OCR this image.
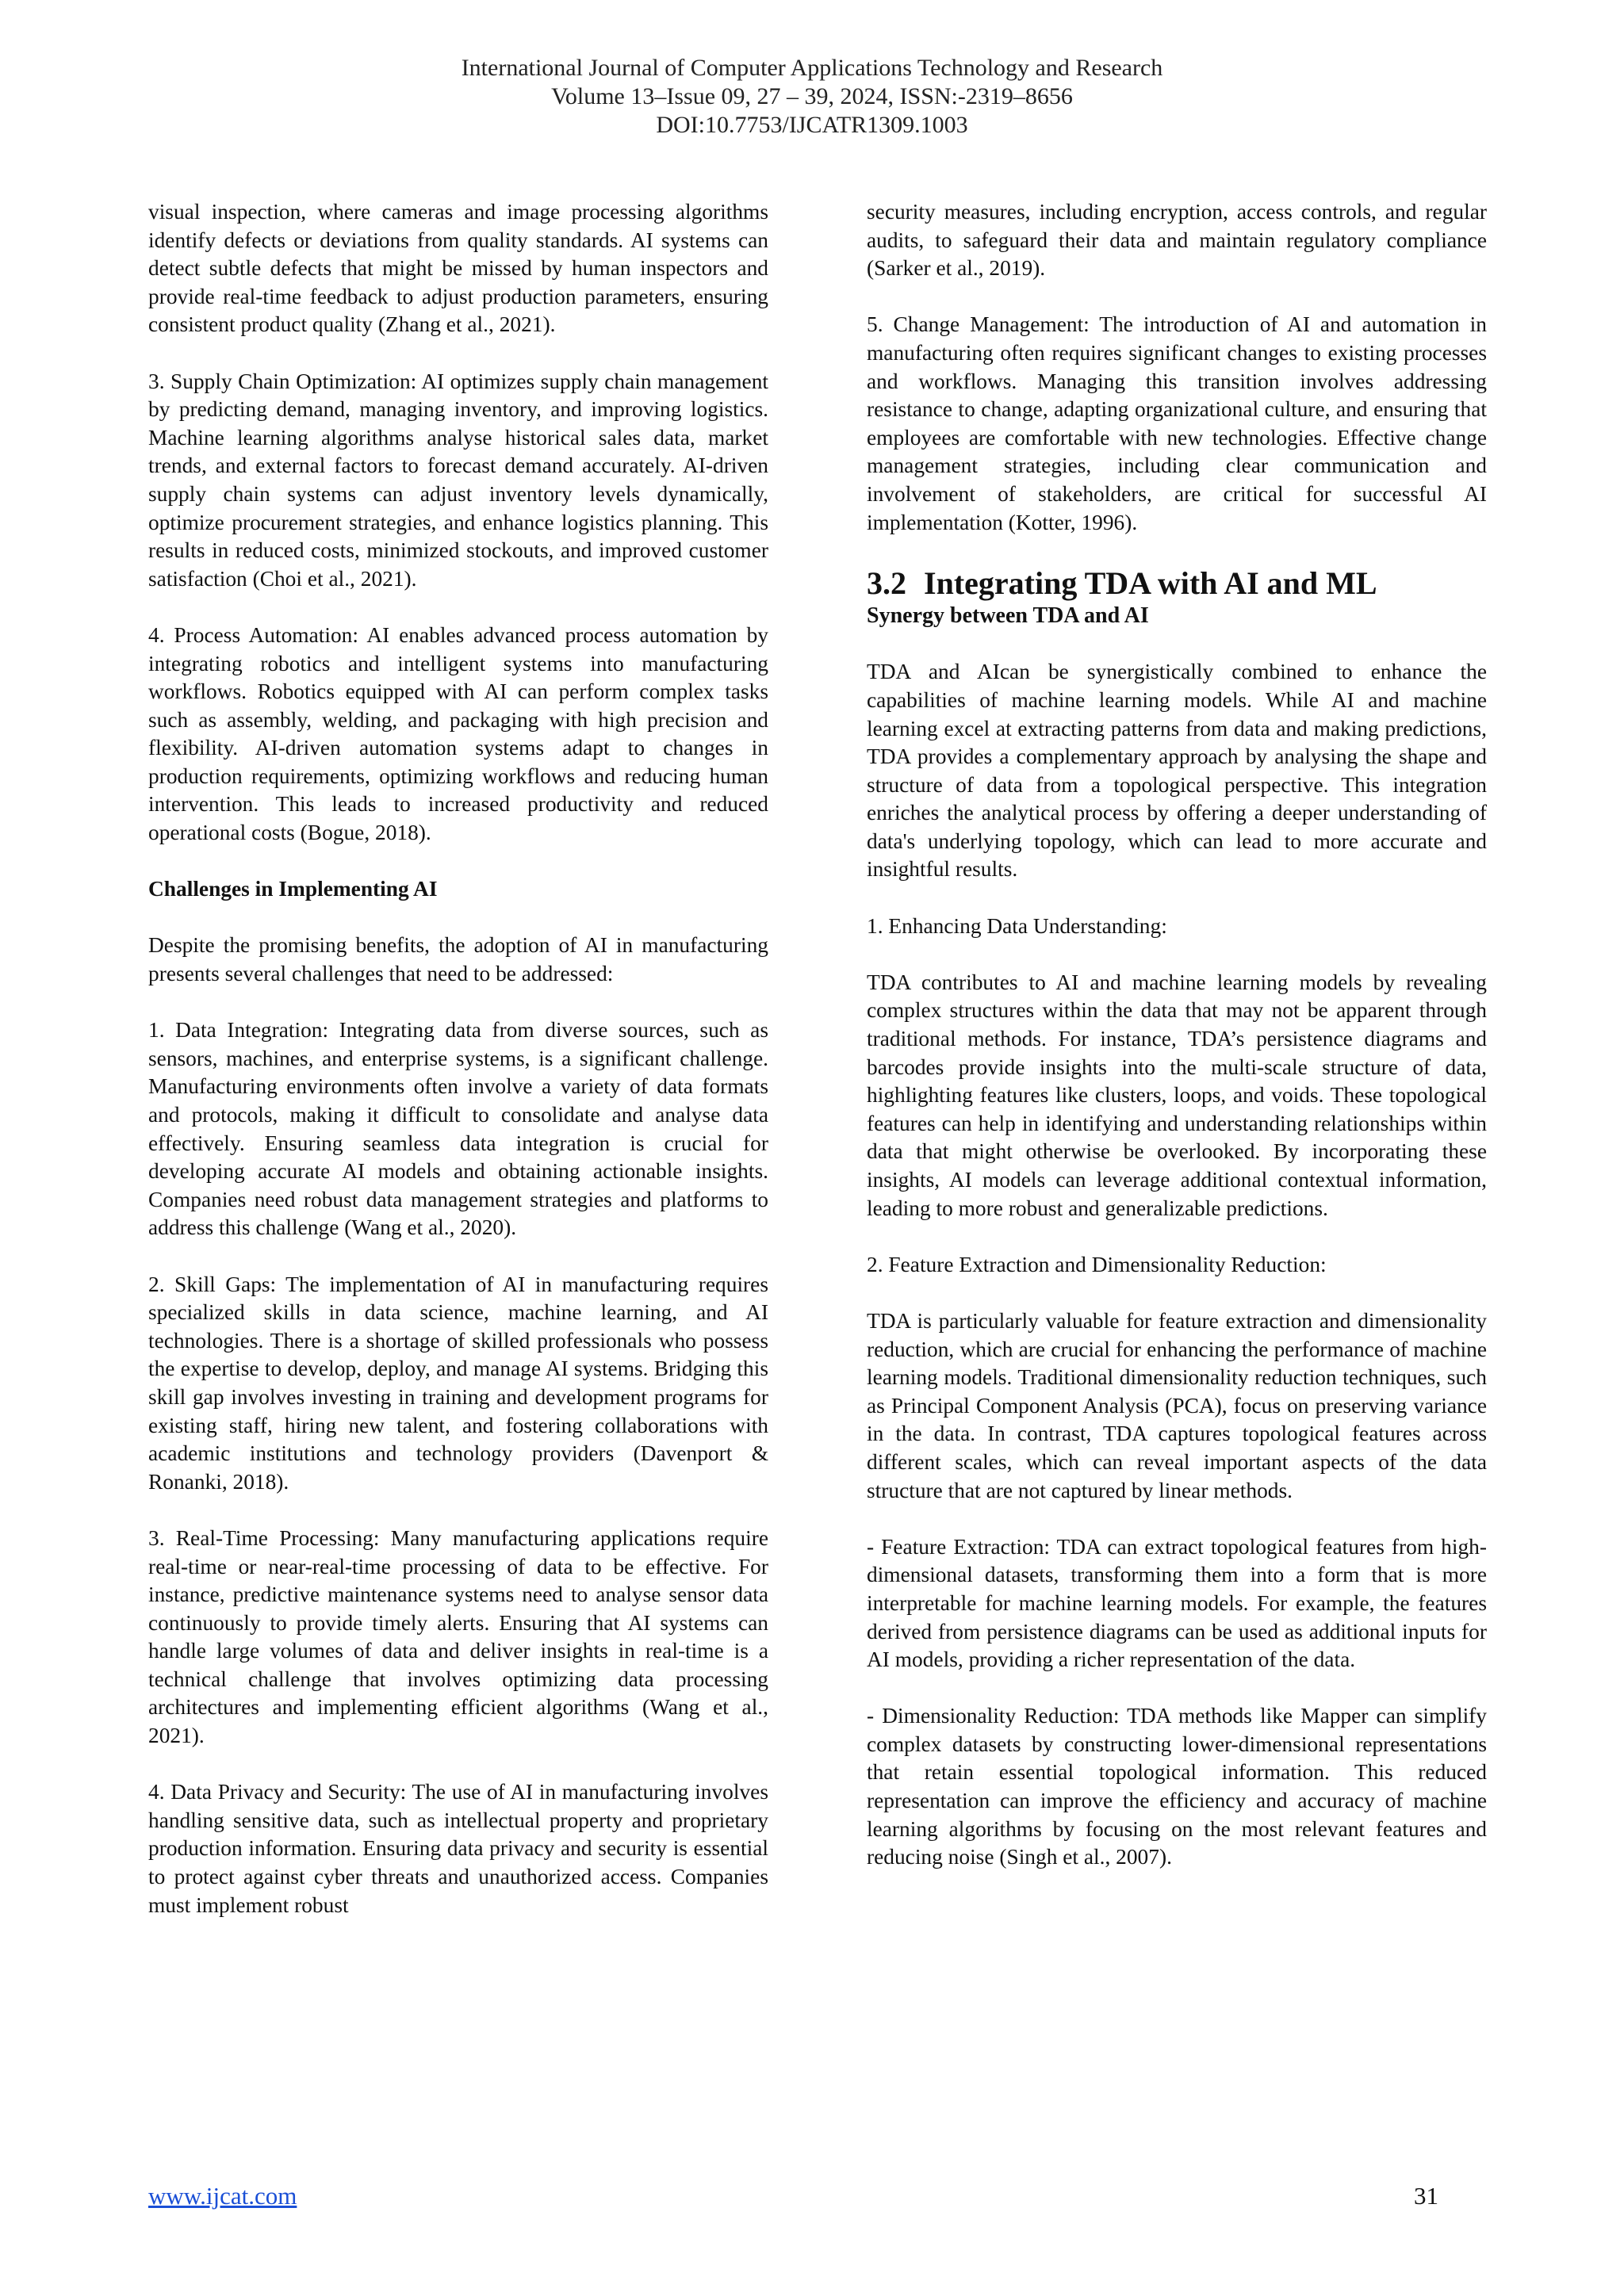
International Journal of Computer Applications Technology and Research
Volume 13–Issue 09, 27 – 39, 2024, ISSN:-2319–8656
DOI:10.7753/IJCATR1309.1003

visual inspection, where cameras and image processing algorithms identify defects or deviations from quality standards. AI systems can detect subtle defects that might be missed by human inspectors and provide real-time feedback to adjust production parameters, ensuring consistent product quality (Zhang et al., 2021).

3. Supply Chain Optimization: AI optimizes supply chain management by predicting demand, managing inventory, and improving logistics. Machine learning algorithms analyse historical sales data, market trends, and external factors to forecast demand accurately. AI-driven supply chain systems can adjust inventory levels dynamically, optimize procurement strategies, and enhance logistics planning. This results in reduced costs, minimized stockouts, and improved customer satisfaction (Choi et al., 2021).

4. Process Automation: AI enables advanced process automation by integrating robotics and intelligent systems into manufacturing workflows. Robotics equipped with AI can perform complex tasks such as assembly, welding, and packaging with high precision and flexibility. AI-driven automation systems adapt to changes in production requirements, optimizing workflows and reducing human intervention. This leads to increased productivity and reduced operational costs (Bogue, 2018).

Challenges in Implementing AI

Despite the promising benefits, the adoption of AI in manufacturing presents several challenges that need to be addressed:

1. Data Integration: Integrating data from diverse sources, such as sensors, machines, and enterprise systems, is a significant challenge. Manufacturing environments often involve a variety of data formats and protocols, making it difficult to consolidate and analyse data effectively. Ensuring seamless data integration is crucial for developing accurate AI models and obtaining actionable insights. Companies need robust data management strategies and platforms to address this challenge (Wang et al., 2020).

2. Skill Gaps: The implementation of AI in manufacturing requires specialized skills in data science, machine learning, and AI technologies. There is a shortage of skilled professionals who possess the expertise to develop, deploy, and manage AI systems. Bridging this skill gap involves investing in training and development programs for existing staff, hiring new talent, and fostering collaborations with academic institutions and technology providers (Davenport & Ronanki, 2018).

3. Real-Time Processing: Many manufacturing applications require real-time or near-real-time processing of data to be effective. For instance, predictive maintenance systems need to analyse sensor data continuously to provide timely alerts. Ensuring that AI systems can handle large volumes of data and deliver insights in real-time is a technical challenge that involves optimizing data processing architectures and implementing efficient algorithms (Wang et al., 2021).

4. Data Privacy and Security: The use of AI in manufacturing involves handling sensitive data, such as intellectual property and proprietary production information. Ensuring data privacy and security is essential to protect against cyber threats and unauthorized access. Companies must implement robust

security measures, including encryption, access controls, and regular audits, to safeguard their data and maintain regulatory compliance (Sarker et al., 2019).

5. Change Management: The introduction of AI and automation in manufacturing often requires significant changes to existing processes and workflows. Managing this transition involves addressing resistance to change, adapting organizational culture, and ensuring that employees are comfortable with new technologies. Effective change management strategies, including clear communication and involvement of stakeholders, are critical for successful AI implementation (Kotter, 1996).

3.2 Integrating TDA with AI and ML
Synergy between TDA and AI

TDA and AIcan be synergistically combined to enhance the capabilities of machine learning models. While AI and machine learning excel at extracting patterns from data and making predictions, TDA provides a complementary approach by analysing the shape and structure of data from a topological perspective. This integration enriches the analytical process by offering a deeper understanding of data's underlying topology, which can lead to more accurate and insightful results.

1. Enhancing Data Understanding:

TDA contributes to AI and machine learning models by revealing complex structures within the data that may not be apparent through traditional methods. For instance, TDA’s persistence diagrams and barcodes provide insights into the multi-scale structure of data, highlighting features like clusters, loops, and voids. These topological features can help in identifying and understanding relationships within data that might otherwise be overlooked. By incorporating these insights, AI models can leverage additional contextual information, leading to more robust and generalizable predictions.

2. Feature Extraction and Dimensionality Reduction:

TDA is particularly valuable for feature extraction and dimensionality reduction, which are crucial for enhancing the performance of machine learning models. Traditional dimensionality reduction techniques, such as Principal Component Analysis (PCA), focus on preserving variance in the data. In contrast, TDA captures topological features across different scales, which can reveal important aspects of the data structure that are not captured by linear methods.

- Feature Extraction: TDA can extract topological features from high-dimensional datasets, transforming them into a form that is more interpretable for machine learning models. For example, the features derived from persistence diagrams can be used as additional inputs for AI models, providing a richer representation of the data.

- Dimensionality Reduction: TDA methods like Mapper can simplify complex datasets by constructing lower-dimensional representations that retain essential topological information. This reduced representation can improve the efficiency and accuracy of machine learning algorithms by focusing on the most relevant features and reducing noise (Singh et al., 2007).

www.ijcat.com	31
